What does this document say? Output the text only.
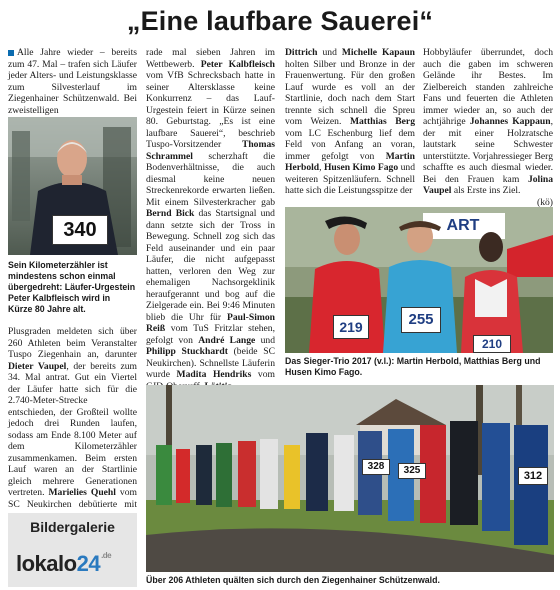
„Eine laufbare Sauerei“

Alle Jahre wieder – bereits zum 47. Mal – trafen sich Läufer jeder Alters- und Leistungsklasse zum Silvesterlauf im Ziegenhainer Schützenwald. Bei zweistelligen

340
Sein Kilometerzähler ist mindestens schon einmal übergedreht: Läufer-Urgestein Peter Kalbfleisch wird in Kürze 80 Jahre alt.

Plusgraden meldeten sich über 260 Athleten beim Veranstalter Tuspo Ziegenhain an, darunter Dieter Vaupel, der bereits zum 34. Mal antrat. Gut ein Viertel der Läufer hatte sich für die 2.740-Meter-Strecke entschieden, der Großteil wollte jedoch drei Runden laufen, sodass am Ende 8.100 Meter auf dem Kilometerzähler zusammenkamen. Beim ersten Lauf waren an der Startlinie gleich mehrere Generationen vertreten. Marielies Quehl vom SC Neukirchen debütierte mit

Bildergalerie
$lokalo24^{.de}$

rade mal sieben Jahren im Wettbewerb. Peter Kalbfleisch vom VfB Schrecksbach hatte in seiner Altersklasse keine Konkurrenz – das Lauf-Urgestein feiert in Kürze seinen 80. Geburtstag. „Es ist eine laufbare Sauerei“, beschrieb Tuspo-Vorsitzender Thomas Schrammel scherzhaft die Bodenverhältnisse, die auch diesmal keine neuen Streckenrekorde erwarten ließen. Mit einem Silvesterkracher gab Bernd Bick das Startsignal und dann setzte sich der Tross in Bewegung. Schnell zog sich das Feld auseinander und ein paar Läufer, die nicht aufgepasst hatten, verloren den Weg zur ehemaligen Nachsorgeklinik heraufgerannt und bog auf die Zielgerade ein. Bei 9:46 Minuten blieb die Uhr für Paul-Simon Reiß vom TuS Fritzlar stehen, gefolgt von André Lange und Philipp Stuckhardt (beide SC Neukirchen). Schnellste Läuferin wurde Madita Hendriks vom

Dittrich und Michelle Kapaun holten Silber und Bronze in der Frauenwertung. Für den großen Lauf wurde es voll an der Startlinie, doch nach dem Start trennte sich schnell die Spreu vom Weizen. Matthias Berg vom LC Eschenburg lief dem Feld von Anfang an voran, immer gefolgt von Martin Herbold, Husen Kimo Fago und weiteren Spitzenläufern. Schnell hatte sich die Leistungsspitze der

Hobbyläufer überrundet, doch auch die gaben im schweren Gelände ihr Bestes. Im Zielbereich standen zahlreiche Fans und feuerten die Athleten immer wieder an, so auch der achtjährige Johannes Kappaun, der mit einer Holzratsche lautstark seine Schwester unterstützte. Vorjahressieger Berg schaffte es auch diesmal wieder. Bei den Frauen kam Jolina Vaupel als Erste ins Ziel.

(kö)

ART
219	255
210
Das Sieger-Trio 2017 (v.l.): Martin Herbold, Matthias Berg und Husen Kimo Fago.
328	325	312
Über 206 Athleten quälten sich durch den Ziegenhainer Schützenwald.
